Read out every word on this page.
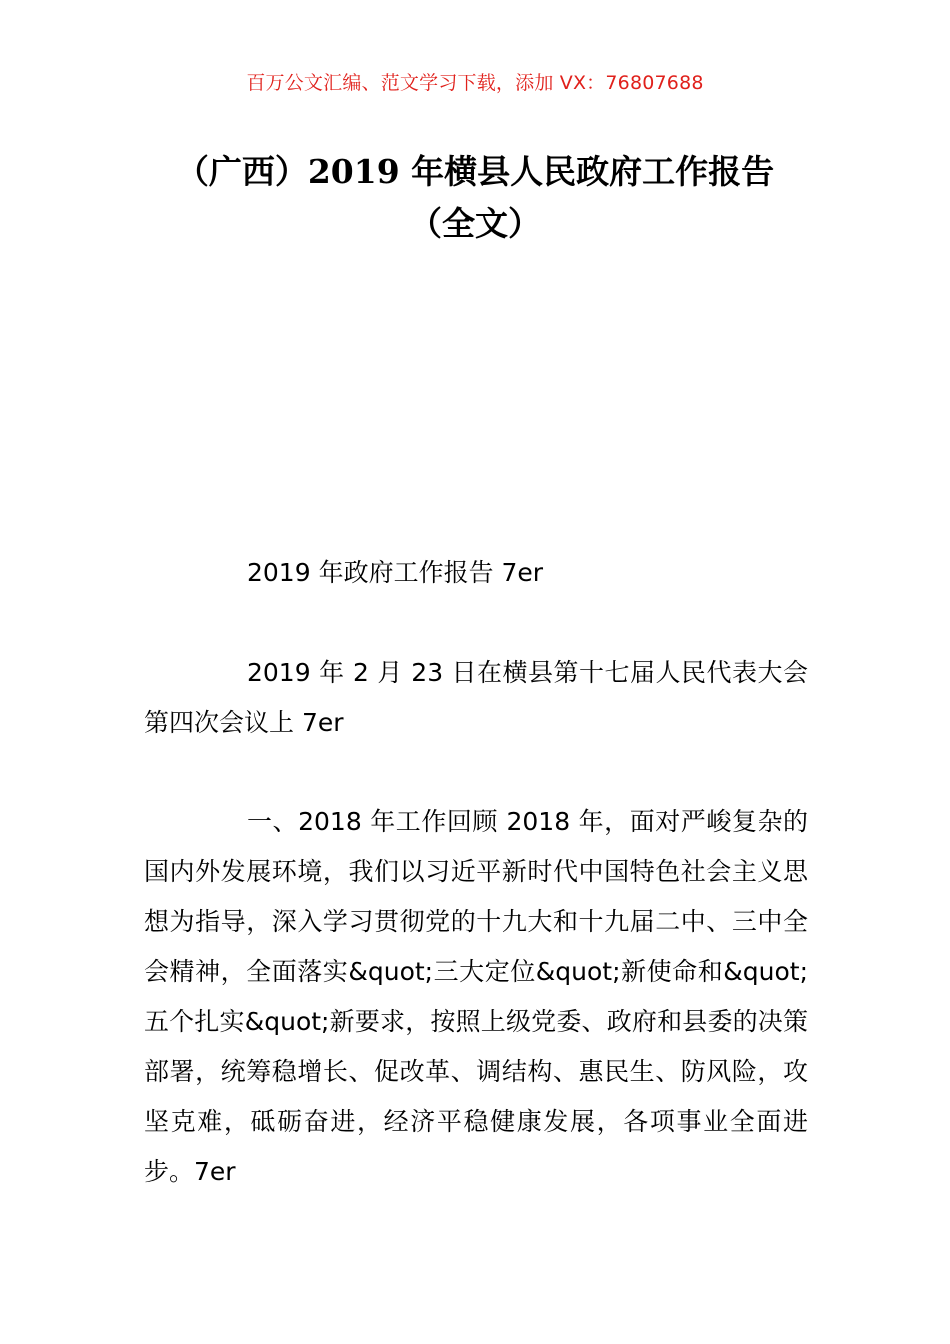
百万公文汇编、范文学习下载，添加 VX：76807688
（广西）2019 年横县人民政府工作报告
（全文）
2019 年政府工作报告 7er
2019 年 2 月 23 日在横县第十七届人民代表大会第四次会议上 7er
一、2018 年工作回顾 2018 年，面对严峻复杂的国内外发展环境，我们以习近平新时代中国特色社会主义思想为指导，深入学习贯彻党的十九大和十九届二中、三中全会精神，全面落实&quot;三大定位&quot;新使命和&quot;五个扎实&quot;新要求，按照上级党委、政府和县委的决策部署，统筹稳增长、促改革、调结构、惠民生、防风险，攻坚克难，砥砺奋进，经济平稳健康发展，各项事业全面进步。7er
